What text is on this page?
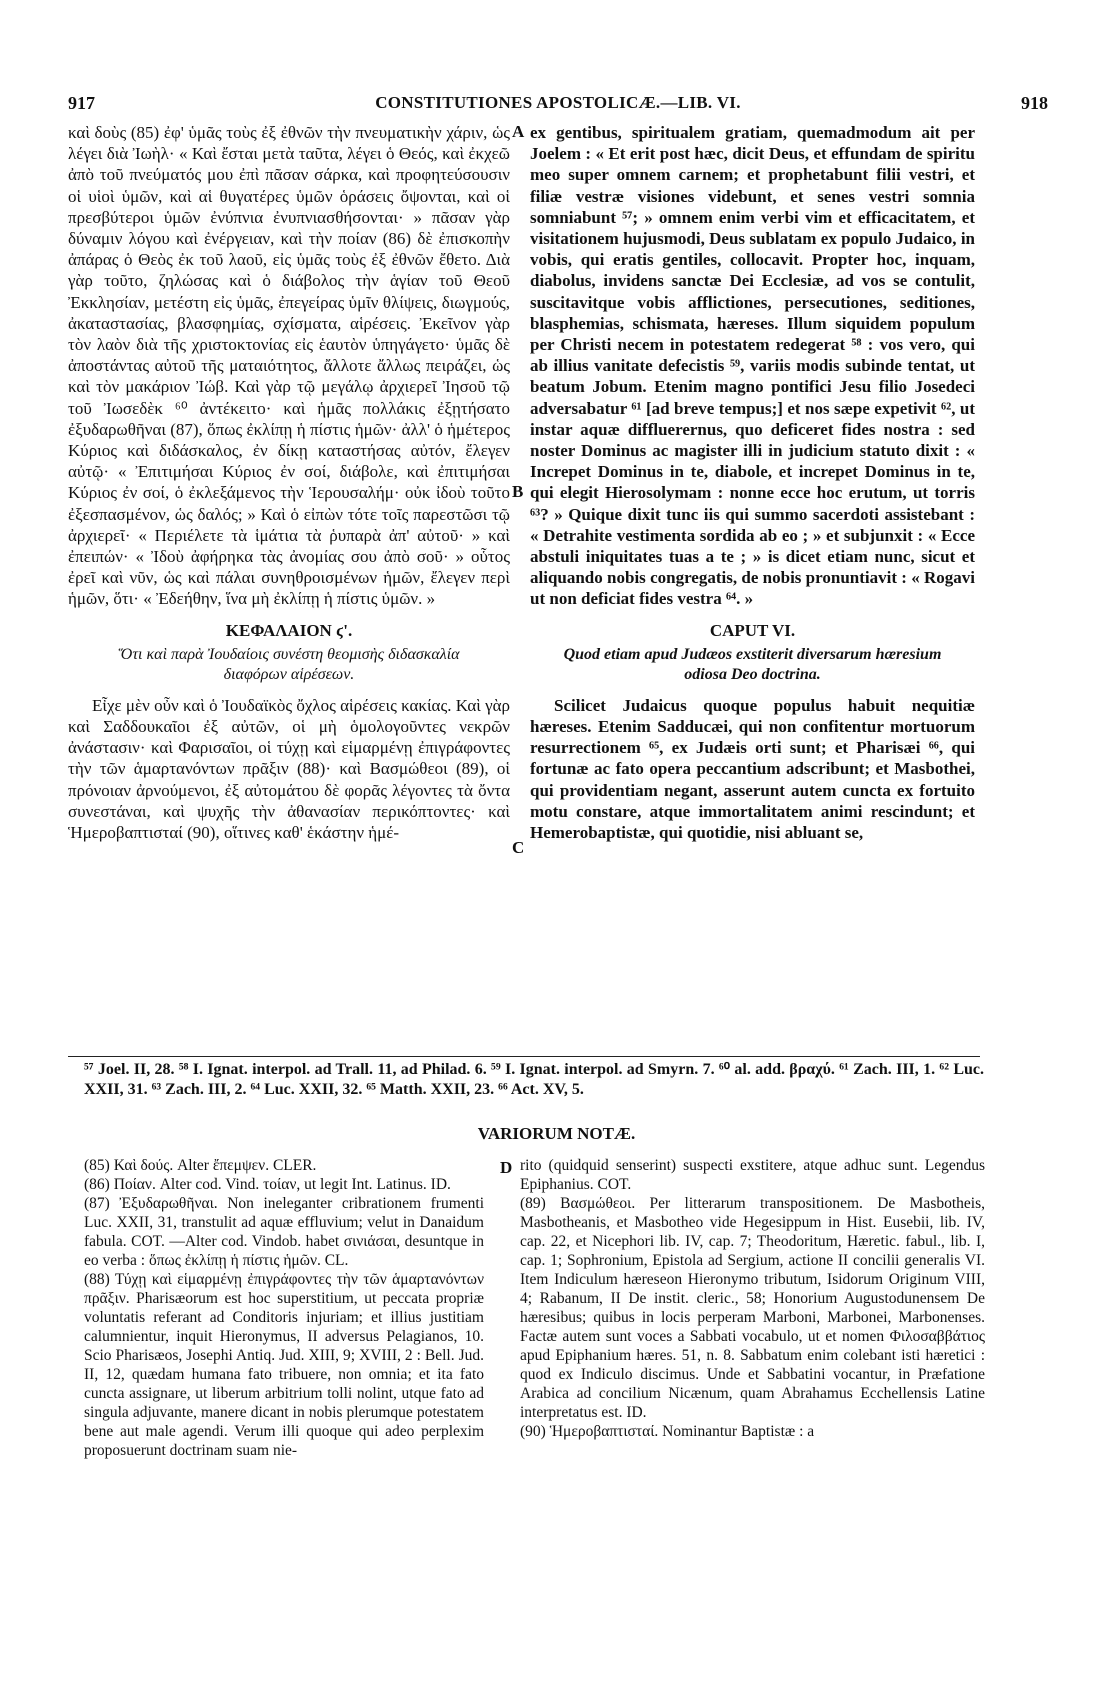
917	CONSTITUTIONES APOSTOLICÆ.—LIB. VI.	918
A
B
C
D

καὶ δοὺς (85) ἐφ' ὑμᾶς τοὺς ἐξ ἐθνῶν τὴν πνευματικὴν χάριν, ὡς λέγει διὰ Ἰωὴλ· « Καὶ ἔσται μετὰ ταῦτα, λέγει ὁ Θεός, καὶ ἐκχεῶ ἀπὸ τοῦ πνεύματός μου ἐπὶ πᾶσαν σάρκα, καὶ προφητεύσουσιν οἱ υἱοὶ ὑμῶν, καὶ αἱ θυγατέρες ὑμῶν ὁράσεις ὄψονται, καὶ οἱ πρεσβύτεροι ὑμῶν ἐνύπνια ἐνυπνιασθήσονται· » πᾶσαν γὰρ δύναμιν λόγου καὶ ἐνέργειαν, καὶ τὴν ποίαν (86) δὲ ἐπισκοπὴν ἀπάρας ὁ Θεὸς ἐκ τοῦ λαοῦ, εἰς ὑμᾶς τοὺς ἐξ ἐθνῶν ἔθετο. Διὰ γὰρ τοῦτο, ζηλώσας καὶ ὁ διάβολος τὴν ἁγίαν τοῦ Θεοῦ Ἐκκλησίαν, μετέστη εἰς ὑμᾶς, ἐπεγείρας ὑμῖν θλίψεις, διωγμούς, ἀκαταστασίας, βλασφημίας, σχίσματα, αἱρέσεις. Ἐκεῖνον γὰρ τὸν λαὸν διὰ τῆς χριστοκτονίας εἰς ἑαυτὸν ὑπηγάγετο· ὑμᾶς δὲ ἀποστάντας αὐτοῦ τῆς ματαιότητος, ἄλλοτε ἄλλως πειράζει, ὡς καὶ τὸν μακάριον Ἰώβ. Καὶ γὰρ τῷ μεγάλῳ ἀρχιερεῖ Ἰησοῦ τῷ τοῦ Ἰωσεδὲκ ⁶⁰ ἀντέκειτο· καὶ ἡμᾶς πολλάκις ἐξῃτήσατο ἐξυδαρωθῆναι (87), ὅπως ἐκλίπῃ ἡ πίστις ἡμῶν· ἀλλ' ὁ ἡμέτερος Κύριος καὶ διδάσκαλος, ἐν δίκῃ καταστήσας αὐτόν, ἔλεγεν αὐτῷ· « Ἐπιτιμήσαι Κύριος ἐν σοί, διάβολε, καὶ ἐπιτιμήσαι Κύριος ἐν σοί, ὁ ἐκλεξάμενος τὴν Ἱερουσαλήμ· οὐκ ἰδοὺ τοῦτο ἐξεσπασμένον, ὡς δαλός; » Καὶ ὁ εἰπὼν τότε τοῖς παρεστῶσι τῷ ἀρχιερεῖ· « Περιέλετε τὰ ἱμάτια τὰ ῥυπαρὰ ἀπ' αὐτοῦ· » καὶ ἐπειπών· « Ἰδοὺ ἀφήρηκα τὰς ἀνομίας σου ἀπὸ σοῦ· » οὗτος ἐρεῖ καὶ νῦν, ὡς καὶ πάλαι συνηθροισμένων ἡμῶν, ἔλεγεν περὶ ἡμῶν, ὅτι· « Ἐδεήθην, ἵνα μὴ ἐκλίπῃ ἡ πίστις ὑμῶν. »

ΚΕΦΑΛΑΙΟΝ ϛ'.
Ὅτι καὶ παρὰ Ἰουδαίοις συνέστη θεομισὴς διδασκαλία διαφόρων αἱρέσεων.

Εἶχε μὲν οὖν καὶ ὁ Ἰουδαϊκὸς ὄχλος αἱρέσεις κακίας. Καὶ γὰρ καὶ Σαδδουκαῖοι ἐξ αὐτῶν, οἱ μὴ ὁμολογοῦντες νεκρῶν ἀνάστασιν· καὶ Φαρισαῖοι, οἱ τύχῃ καὶ εἱμαρμένῃ ἐπιγράφοντες τὴν τῶν ἁμαρτανόντων πρᾶξιν (88)· καὶ Βασμώθεοι (89), οἱ πρόνοιαν ἀρνούμενοι, ἐξ αὐτομάτου δὲ φορᾶς λέγοντες τὰ ὄντα συνεστάναι, καὶ ψυχῆς τὴν ἀθανασίαν περικόπτοντες· καὶ Ἡμεροβαπτισταί (90), οἵτινες καθ' ἑκάστην ἡμέ-

ex gentibus, spiritualem gratiam, quemadmodum ait per Joelem : « Et erit post hæc, dicit Deus, et effundam de spiritu meo super omnem carnem; et prophetabunt filii vestri, et filiæ vestræ visiones videbunt, et senes vestri somnia somniabunt ⁵⁷; » omnem enim verbi vim et efficacitatem, et visitationem hujusmodi, Deus sublatam ex populo Judaico, in vobis, qui eratis gentiles, collocavit. Propter hoc, inquam, diabolus, invidens sanctæ Dei Ecclesiæ, ad vos se contulit, suscitavitque vobis afflictiones, persecutiones, seditiones, blasphemias, schismata, hæreses. Illum siquidem populum per Christi necem in potestatem redegerat ⁵⁸ : vos vero, qui ab illius vanitate defecistis ⁵⁹, variis modis subinde tentat, ut beatum Jobum. Etenim magno pontifici Jesu filio Josedeci adversabatur ⁶¹ [ad breve tempus;] et nos sæpe expetivit ⁶², ut instar aquæ diffluerernus, quo deficeret fides nostra : sed noster Dominus ac magister illi in judicium statuto dixit : « Increpet Dominus in te, diabole, et increpet Dominus in te, qui elegit Hierosolymam : nonne ecce hoc erutum, ut torris ⁶³? » Quique dixit tunc iis qui summo sacerdoti assistebant : « Detrahite vestimenta sordida ab eo ; » et subjunxit : « Ecce abstuli iniquitates tuas a te ; » is dicet etiam nunc, sicut et aliquando nobis congregatis, de nobis pronuntiavit : « Rogavi ut non deficiat fides vestra ⁶⁴. »

CAPUT VI.
Quod etiam apud Judæos exstiterit diversarum hæresium odiosa Deo doctrina.

Scilicet Judaicus quoque populus habuit nequitiæ hæreses. Etenim Sadducæi, qui non confitentur mortuorum resurrectionem ⁶⁵, ex Judæis orti sunt; et Pharisæi ⁶⁶, qui fortunæ ac fato opera peccantium adscribunt; et Masbothei, qui providentiam negant, asserunt autem cuncta ex fortuito motu constare, atque immortalitatem animi rescindunt; et Hemerobaptistæ, qui quotidie, nisi abluant se,

⁵⁷ Joel. II, 28. ⁵⁸ I. Ignat. interpol. ad Trall. 11, ad Philad. 6. ⁵⁹ I. Ignat. interpol. ad Smyrn. 7. ⁶⁰ al. add. βραχύ. ⁶¹ Zach. III, 1. ⁶² Luc. XXII, 31. ⁶³ Zach. III, 2. ⁶⁴ Luc. XXII, 32. ⁶⁵ Matth. XXII, 23. ⁶⁶ Act. XV, 5.
VARIORUM NOTÆ.

(85) Καὶ δούς. Alter ἔπεμψεν. CLER.

(86) Ποίαν. Alter cod. Vind. τοίαν, ut legit Int. Latinus. ID.

(87) Ἐξυδαρωθῆναι. Non ineleganter cribrationem frumenti Luc. XXII, 31, transtulit ad aquæ effluvium; velut in Danaidum fabula. COT. —Alter cod. Vindob. habet σινιάσαι, desuntque in eo verba : ὅπως ἐκλίπῃ ἡ πίστις ἡμῶν. CL.

(88) Τύχῃ καὶ εἱμαρμένῃ ἐπιγράφοντες τὴν τῶν ἁμαρτανόντων πρᾶξιν. Pharisæorum est hoc superstitium, ut peccata propriæ voluntatis referant ad Conditoris injuriam; et illius justitiam calumnientur, inquit Hieronymus, II adversus Pelagianos, 10. Scio Pharisæos, Josephi Antiq. Jud. XIII, 9; XVIII, 2 : Bell. Jud. II, 12, quædam humana fato tribuere, non omnia; et ita fato cuncta assignare, ut liberum arbitrium tolli nolint, utque fato ad singula adjuvante, manere dicant in nobis plerumque potestatem bene aut male agendi. Verum illi quoque qui adeo perplexim proposuerunt doctrinam suam nie-

rito (quidquid senserint) suspecti exstitere, atque adhuc sunt. Legendus Epiphanius. COT.

(89) Βασμώθεοι. Per litterarum transpositionem. De Masbotheis, Masbotheanis, et Masbotheo vide Hegesippum in Hist. Eusebii, lib. IV, cap. 22, et Nicephori lib. IV, cap. 7; Theodoritum, Hæretic. fabul., lib. I, cap. 1; Sophronium, Epistola ad Sergium, actione II concilii generalis VI. Item Indiculum hæreseon Hieronymo tributum, Isidorum Originum VIII, 4; Rabanum, II De instit. cleric., 58; Honorium Augustodunensem De hæresibus; quibus in locis perperam Marboni, Marbonei, Marbonenses. Factæ autem sunt voces a Sabbati vocabulo, ut et nomen Φιλοσαββάτιος apud Epiphanium hæres. 51, n. 8. Sabbatum enim colebant isti hæretici : quod ex Indiculo discimus. Unde et Sabbatini vocantur, in Præfatione Arabica ad concilium Nicænum, quam Abrahamus Ecchellensis Latine interpretatus est. ID.

(90) Ἡμεροβαπτισταί. Nominantur Baptistæ : a
